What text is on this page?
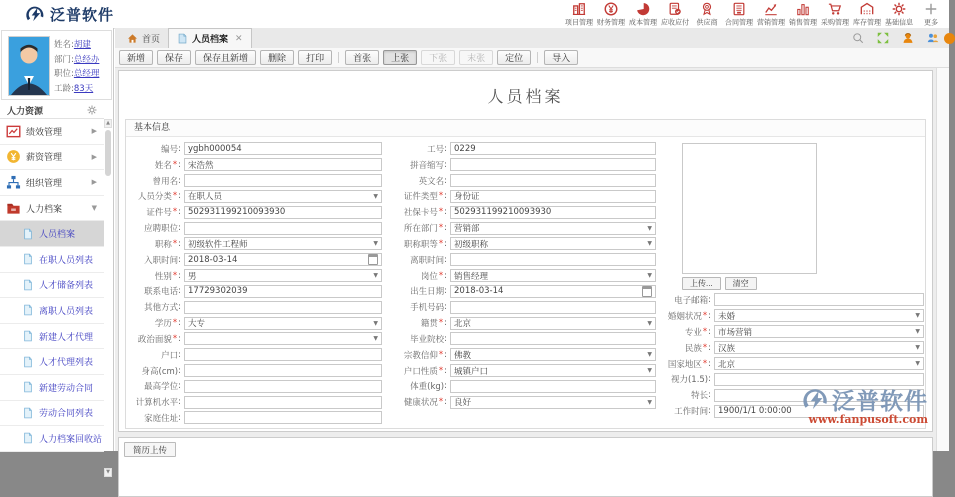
泛普软件	项目管理 财务管理 成本管理 应收应付 供应商 合同管理 营销管理 销售管理 采购管理 库存管理 基础信息 更多
首页	人员档案 ✕
新增	保存	保存且新增	删除	打印	首张	上张	下张	末张	定位	导入
姓名: 胡建
部门: 总经办
职位: 总经理
工龄: 83天
人力资源
绩效管理	▶
薪资管理	▶
组织管理	▶
人力档案	▼
人员档案
在职人员列表
人才储备列表
离职人员列表
新建人才代理
人才代理列表
新建劳动合同
劳动合同列表
人力档案回收站
▲
▼
人员档案
基本信息
编号 : ygbh000054
姓名 * : 宋浩然
曾用名 :
人员分类 * : 在职人员	▼
证件号 * : 502931199210093930
应聘职位 :
职称 * : 初级软件工程师	▼
入职时间 : 2018-03-14
性别 * : 男	▼
联系电话 : 17729302039
其他方式 :
学历 * : 大专	▼
政治面貌 * :	▼
户口 :
身高(cm) :
最高学位 :
计算机水平 :
家庭住址 :
工号 : 0229
拼音缩写 :
英文名 :
证件类型 * : 身份证
社保卡号 * : 502931199210093930
所在部门 * : 营销部	▼
职称职等 * : 初级职称	▼
离职时间 :
岗位 * : 销售经理	▼
出生日期 : 2018-03-14
手机号码 :
籍贯 * : 北京	▼
毕业院校 :
宗教信仰 * : 佛教	▼
户口性质 * : 城镇户口	▼
体重(kg) :
健康状况 * : 良好	▼
上传...	清空
电子邮箱 :
婚姻状况 * : 未婚	▼
专业 * : 市场营销	▼
民族 * : 汉族	▼
国家地区 * : 北京	▼
视力(1.5) :
特长 :
工作时间 : 1900/1/1 0:00:00 泛普软件
www.fanpusoft.com
简历上传
